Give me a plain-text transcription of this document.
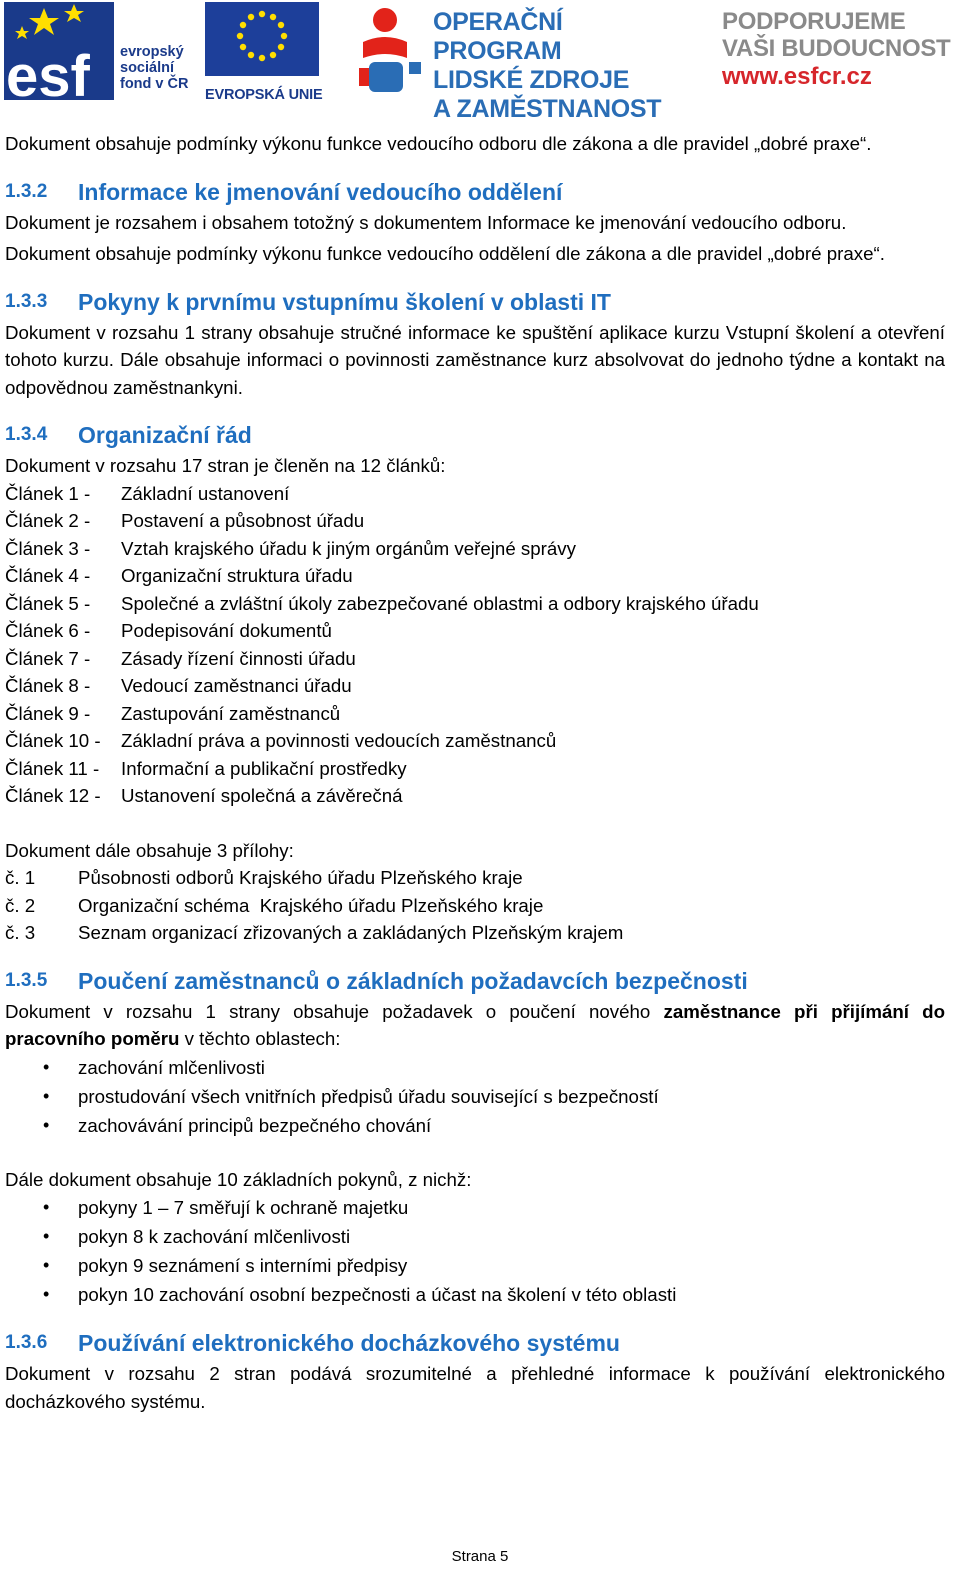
esf evropský
sociální
fond v ČR
EVROPSKÁ UNIE
OPERAČNÍ PROGRAM
LIDSKÉ ZDROJE
A ZAMĚSTNANOST
PODPORUJEME
VAŠI BUDOUCNOST
www.esfcr.cz

Dokument obsahuje podmínky výkonu funkce vedoucího odboru dle zákona a dle pravidel „dobré praxe“.

1.3.2	Informace ke jmenování vedoucího oddělení

Dokument je rozsahem i obsahem totožný s dokumentem Informace ke jmenování vedoucího odboru.

Dokument obsahuje podmínky výkonu funkce vedoucího oddělení dle zákona a dle pravidel „dobré praxe“.

1.3.3	Pokyny k prvnímu vstupnímu školení v oblasti IT

Dokument v rozsahu 1 strany obsahuje stručné informace ke spuštění aplikace kurzu Vstupní školení a otevření tohoto kurzu. Dále obsahuje informaci o povinnosti zaměstnance kurz absolvovat do jednoho týdne a kontakt na odpovědnou zaměstnankyni.

1.3.4	Organizační řád

Dokument v rozsahu 17 stran je členěn na 12 článků:

Článek 1 -	Základní ustanovení
Článek 2 -	Postavení a působnost úřadu
Článek 3 -	Vztah krajského úřadu k jiným orgánům veřejné správy
Článek 4 -	Organizační struktura úřadu
Článek 5 -	Společné a zvláštní úkoly zabezpečované oblastmi a odbory krajského úřadu
Článek 6 -	Podepisování dokumentů
Článek 7 -	Zásady řízení činnosti úřadu
Článek 8 -	Vedoucí zaměstnanci úřadu
Článek 9 -	Zastupování zaměstnanců
Článek 10 -	Základní práva a povinnosti vedoucích zaměstnanců
Článek 11 -	Informační a publikační prostředky
Článek 12 -	Ustanovení společná a závěrečná

Dokument dále obsahuje 3 přílohy:

č. 1	Působnosti odborů Krajského úřadu Plzeňského kraje
č. 2	Organizační schéma  Krajského úřadu Plzeňského kraje
č. 3	Seznam organizací zřizovaných a zakládaných Plzeňským krajem
1.3.5	Poučení zaměstnanců o základních požadavcích bezpečnosti

Dokument v rozsahu 1 strany obsahuje požadavek o poučení nového zaměstnance při přijímání do pracovního poměru v těchto oblastech:

• zachování mlčenlivosti
• prostudování všech vnitřních předpisů úřadu související s bezpečností
• zachovávání principů bezpečného chování

Dále dokument obsahuje 10 základních pokynů, z nichž:

• pokyny 1 – 7 směřují k ochraně majetku
• pokyn 8 k zachování mlčenlivosti
• pokyn 9 seznámení s interními předpisy
• pokyn 10 zachování osobní bezpečnosti a účast na školení v této oblasti
1.3.6	Používání elektronického docházkového systému

Dokument v rozsahu 2 stran podává srozumitelné a přehledné informace k používání elektronického docházkového systému.

Strana 5
